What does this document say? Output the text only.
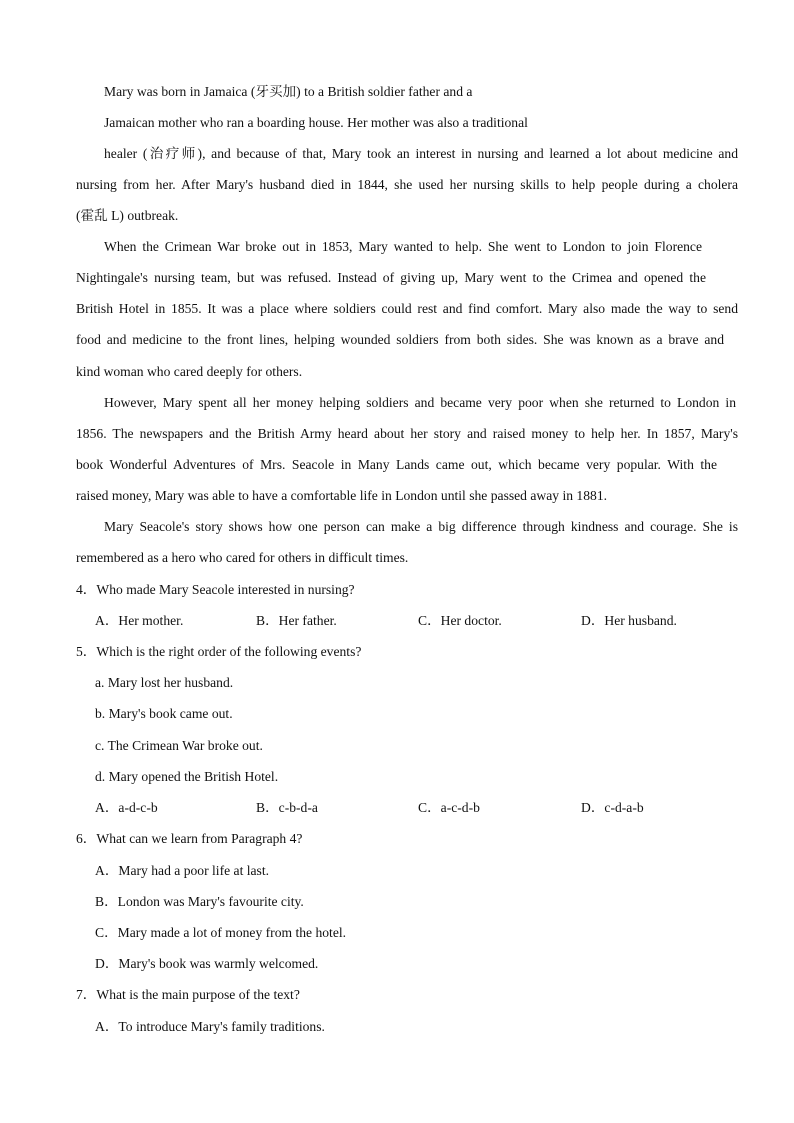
Mary was born in Jamaica (牙买加) to a British soldier father and a
Jamaican mother who ran a boarding house. Her mother was also a traditional
healer (治疗师), and because of that, Mary took an interest in nursing and learned a lot about medicine and
nursing from her. After Mary's husband died in 1844, she used her nursing skills to help people during a cholera
(霍乱 L) outbreak.
When the Crimean War broke out in 1853, Mary wanted to help. She went to London to join Florence
Nightingale's nursing team, but was refused. Instead of giving up, Mary went to the Crimea and opened the
British Hotel in 1855. It was a place where soldiers could rest and find comfort. Mary also made the way to send
food and medicine to the front lines, helping wounded soldiers from both sides. She was known as a brave and
kind woman who cared deeply for others.
However, Mary spent all her money helping soldiers and became very poor when she returned to London in
1856. The newspapers and the British Army heard about her story and raised money to help her. In 1857, Mary's
book Wonderful Adventures of Mrs. Seacole in Many Lands came out, which became very popular. With the
raised money, Mary was able to have a comfortable life in London until she passed away in 1881.
Mary Seacole's story shows how one person can make a big difference through kindness and courage. She is
remembered as a hero who cared for others in difficult times.
4．Who made Mary Seacole interested in nursing?
A．Her mother.	B．Her father.	C．Her doctor.	D．Her husband.
5．Which is the right order of the following events?
a. Mary lost her husband.
b. Mary's book came out.
c. The Crimean War broke out.
d. Mary opened the British Hotel.
A．a-d-c-b	B．c-b-d-a	C．a-c-d-b	D．c-d-a-b
6．What can we learn from Paragraph 4?
A．Mary had a poor life at last.
B．London was Mary's favourite city.
C．Mary made a lot of money from the hotel.
D．Mary's book was warmly welcomed.
7．What is the main purpose of the text?
A．To introduce Mary's family traditions.
